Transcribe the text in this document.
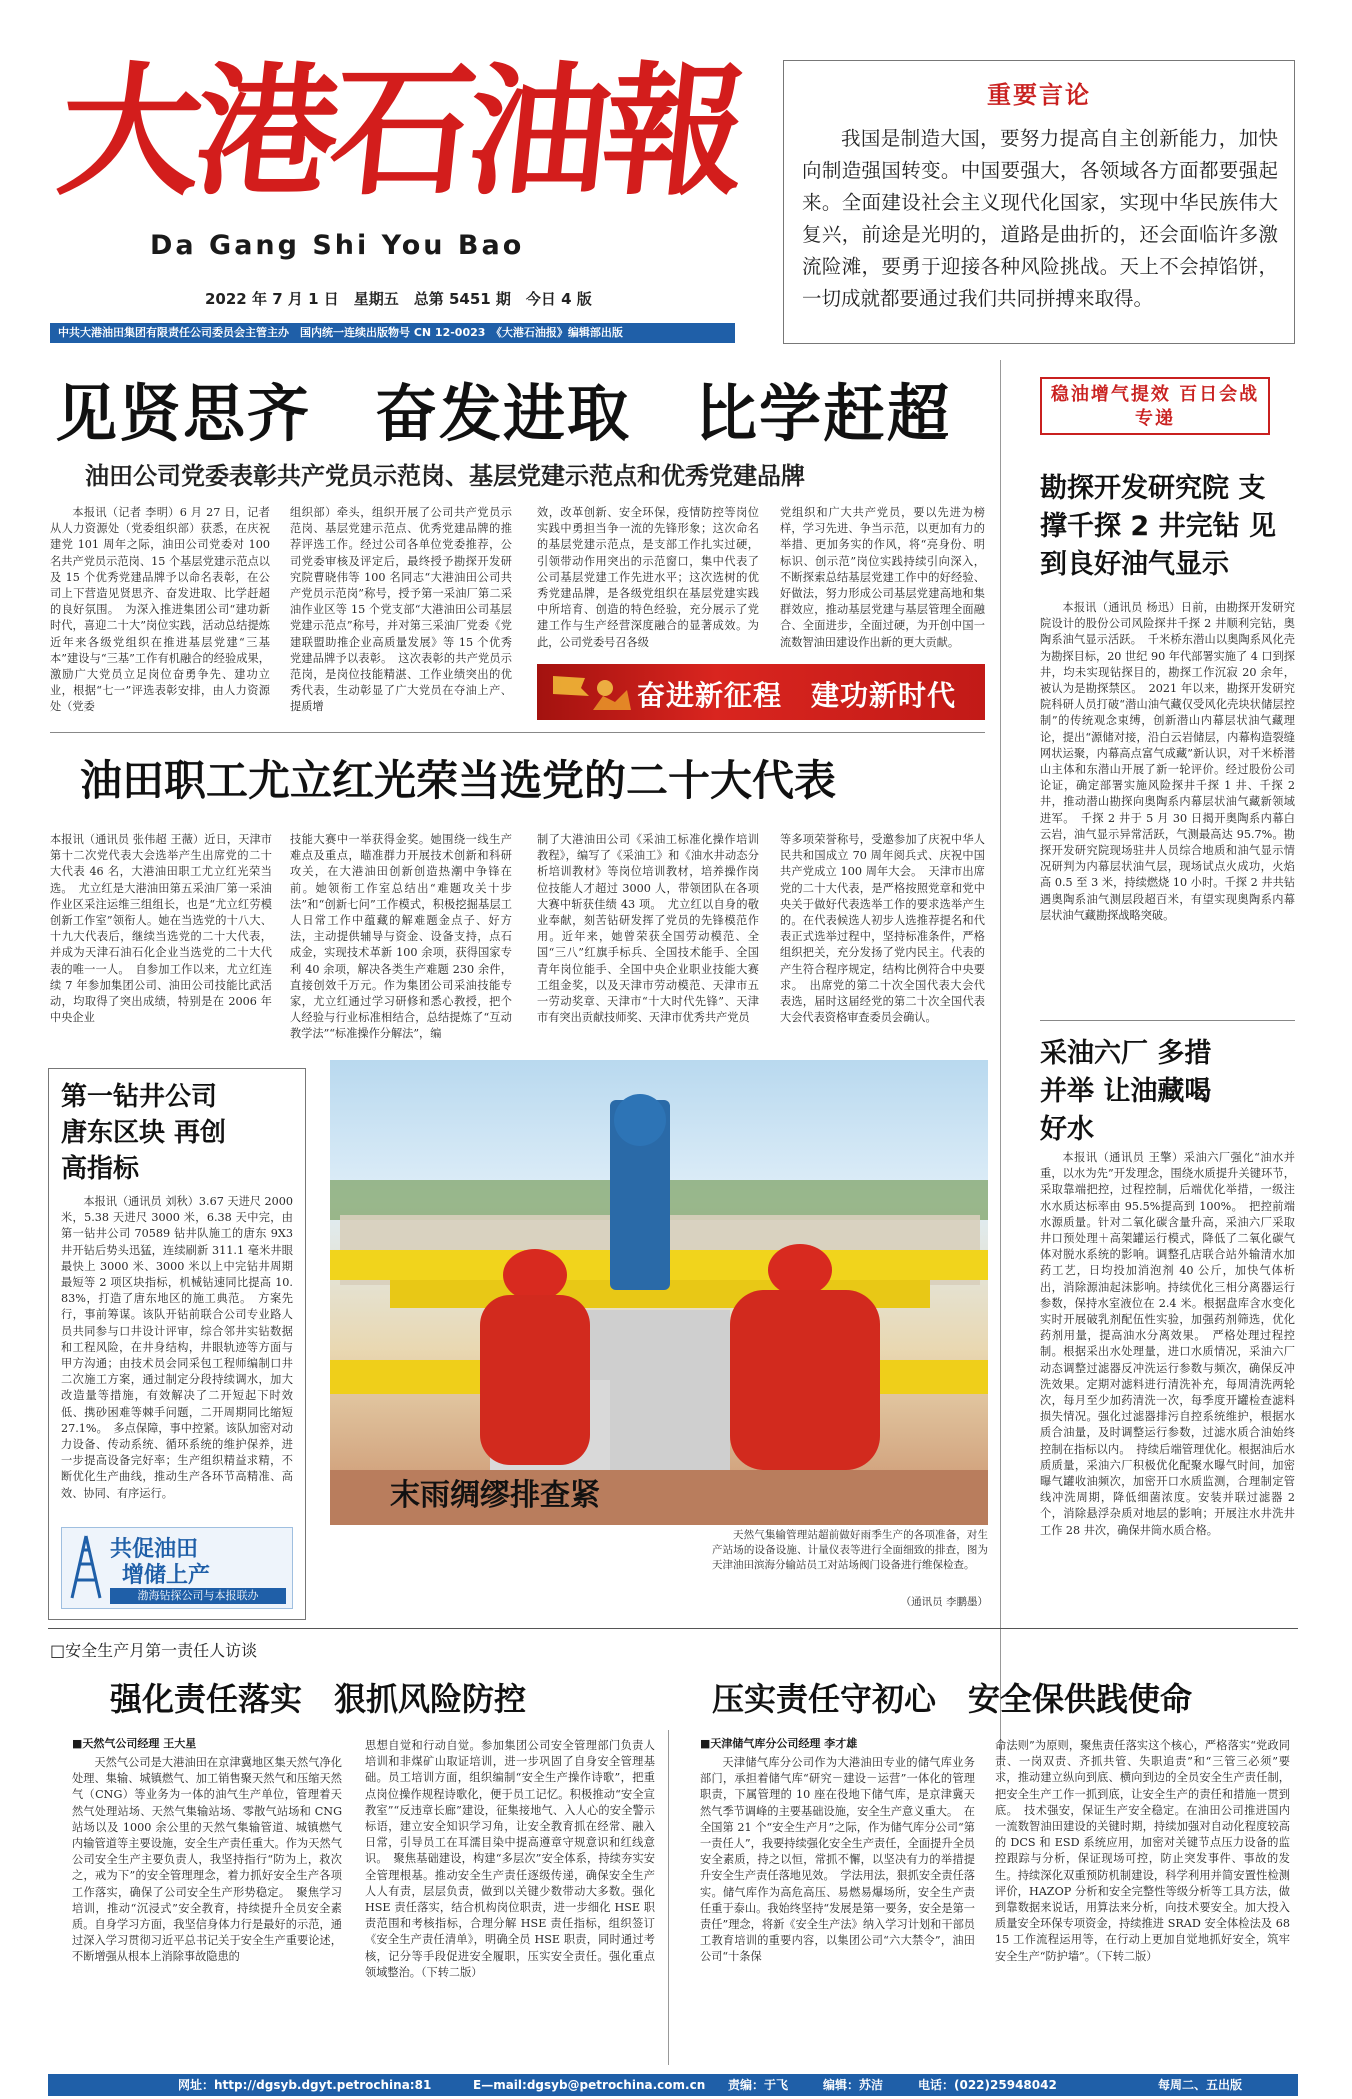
大港石油報
Da Gang Shi You Bao
2022 年 7 月 1 日　星期五　总第 5451 期　今日 4 版
中共大港油田集团有限责任公司委员会主管主办　国内统一连续出版物号 CN 12-0023　《大港石油报》编辑部出版
重要言论
我国是制造大国，要努力提高自主创新能力，加快向制造强国转变。中国要强大，各领域各方面都要强起来。全面建设社会主义现代化国家，实现中华民族伟大复兴，前途是光明的，道路是曲折的，还会面临许多激流险滩，要勇于迎接各种风险挑战。天上不会掉馅饼，一切成就都要通过我们共同拼搏来取得。
见贤思齐　奋发进取　比学赶超
油田公司党委表彰共产党员示范岗、基层党建示范点和优秀党建品牌
本报讯（记者 李明）6 月 27 日，记者从人力资源处（党委组织部）获悉，在庆祝建党 101 周年之际，油田公司党委对 100 名共产党员示范岗、15 个基层党建示范点以及 15 个优秀党建品牌予以命名表彰，在公司上下营造见贤思齐、奋发进取、比学赶超的良好氛围。　为深入推进集团公司“建功新时代，喜迎二十大”岗位实践，活动总结提炼近年来各级党组织在推进基层党建“三基本”建设与“三基”工作有机融合的经验成果，激励广大党员立足岗位奋勇争先、建功立业，根据“七一”评选表彰安排，由人力资源处（党委
组织部）牵头，组织开展了公司共产党员示范岗、基层党建示范点、优秀党建品牌的推荐评选工作。经过公司各单位党委推荐，公司党委审核及评定后，最终授予勘探开发研究院曹晓伟等 100 名同志“大港油田公司共产党员示范岗”称号，授予第一采油厂第二采油作业区等 15 个党支部“大港油田公司基层党建示范点”称号，并对第三采油厂党委《党建联盟助推企业高质量发展》等 15 个优秀党建品牌予以表彰。　这次表彰的共产党员示范岗，是岗位技能精湛、工作业绩突出的优秀代表，生动彰显了广大党员在夺油上产、提质增
效，改革创新、安全环保，疫情防控等岗位实践中勇担当争一流的先锋形象；这次命名的基层党建示范点，是支部工作扎实过硬，引领带动作用突出的示范窗口，集中代表了公司基层党建工作先进水平；这次选树的优秀党建品牌，是各级党组织在基层党建实践中所培育、创造的特色经验，充分展示了党建工作与生产经营深度融合的显著成效。为此，公司党委号召各级
党组织和广大共产党员，要以先进为榜样，学习先进、争当示范，以更加有力的举措、更加务实的作风，将“亮身份、明标识、创示范”岗位实践持续引向深入，不断探索总结基层党建工作中的好经验、好做法，努力形成公司基层党建高地和集群效应，推动基层党建与基层管理全面融合、全面进步，全面过硬，为开创中国一流数智油田建设作出新的更大贡献。
奋进新征程　建功新时代
油田职工尤立红光荣当选党的二十大代表
本报讯（通讯员 张伟超 王薇）近日，天津市第十二次党代表大会选举产生出席党的二十大代表 46 名，大港油田职工尤立红光荣当选。　尤立红是大港油田第五采油厂第一采油作业区采注运维三组组长，也是“尤立红劳模创新工作室”领衔人。她在当选党的十八大、十九大代表后，继续当选党的二十大代表，并成为天津石油石化企业当选党的二十大代表的唯一一人。　自参加工作以来，尤立红连续 7 年参加集团公司、油田公司技能比武活动，均取得了突出成绩，特别是在 2006 年中央企业
技能大赛中一举获得金奖。她围绕一线生产难点及重点，瞄准群力开展技术创新和科研攻关，在大港油田创新创造热潮中争锋在前。她领衔工作室总结出“难题攻关十步法”和“创新七问”工作模式，积极挖掘基层工人日常工作中蕴藏的解难题金点子、好方法，主动提供辅导与资金、设备支持，点石成金，实现技术革新 100 余项，获得国家专利 40 余项，解决各类生产难题 230 余件，直接创效千万元。作为集团公司采油技能专家，尤立红通过学习研修和悉心教授，把个人经验与行业标准相结合，总结提炼了“互动教学法”“标准操作分解法”，编
制了大港油田公司《采油工标准化操作培训教程》，编写了《采油工》和《油水井动态分析培训教材》等岗位培训教材，培养操作岗位技能人才超过 3000 人，带领团队在各项大赛中斩获佳绩 43 项。　尤立红以自身的敬业奉献，刻苦钻研发挥了党员的先锋模范作用。近年来，她曾荣获全国劳动模范、全国“三八”红旗手标兵、全国技术能手、全国青年岗位能手、全国中央企业职业技能大赛工组金奖，以及天津市劳动模范、天津市五一劳动奖章、天津市“十大时代先锋”、天津市有突出贡献技师奖、天津市优秀共产党员
等多项荣誉称号，受邀参加了庆祝中华人民共和国成立 70 周年阅兵式、庆祝中国共产党成立 100 周年大会。　天津市出席党的二十大代表，是严格按照党章和党中央关于做好代表选举工作的要求选举产生的。在代表候选人初步人选推荐提名和代表正式选举过程中，坚持标准条件，严格组织把关，充分发扬了党内民主。代表的产生符合程序规定，结构比例符合中央要求。　出席党的第二十次全国代表大会代表选，届时这届经党的第二十次全国代表大会代表资格审查委员会确认。
稳油增气提效 百日会战专递
勘探开发研究院 支撑千探 2 井完钻 见到良好油气显示
本报讯（通讯员 杨迅）日前，由勘探开发研究院设计的股份公司风险探井千探 2 井顺利完钻，奥陶系油气显示活跃。　千米桥东潜山以奥陶系风化壳为勘探目标，20 世纪 90 年代部署实施了 4 口到探井，均未实现钻探目的，勘探工作沉寂 20 余年，被认为是勘探禁区。　2021 年以来，勘探开发研究院科研人员打破“潜山油气藏仅受风化壳块状储层控制”的传统观念束缚，创新潜山内幕层状油气藏理论，提出“源储对接，沿白云岩储层，内幕构造裂缝网状运聚，内幕高点富气成藏”新认识，对千米桥潜山主体和东潜山开展了新一轮评价。经过股份公司论证，确定部署实施风险探井千探 1 井、千探 2 井，推动潜山勘探向奥陶系内幕层状油气藏新领域进军。　千探 2 井于 5 月 30 日揭开奥陶系内幕白云岩，油气显示异常活跃，气测最高达 95.7%。勘探开发研究院现场驻井人员综合地质和油气显示情况研判为内幕层状油气层，现场试点火成功，火焰高 0.5 至 3 米，持续燃烧 10 小时。千探 2 井共钻遇奥陶系油气测层段超百米，有望实现奥陶系内幕层状油气藏勘探战略突破。
采油六厂 多措并举 让油藏喝好水
本报讯（通讯员 王擎）采油六厂强化“油水并重，以水为先”开发理念，围绕水质提升关键环节，采取靠端把控，过程控制，后端优化举措，一级注水水质达标率由 95.5%提高到 100%。　把控前端水源质量。针对二氧化碳含量升高，采油六厂采取井口预处理＋高架罐运行模式，降低了二氧化碳气体对脱水系统的影响。调整孔店联合站外输清水加药工艺，日均投加消泡剂 40 公斤，加快气体析出，消除源油起沫影响。持续优化三相分离器运行参数，保持水室液位在 2.4 米。根据盘库含水变化实时开展破乳剂配伍性实验，加强药剂筛选，优化药剂用量，提高油水分离效果。　严格处理过程控制。根据采出水处理量，进口水质情况，采油六厂动态调整过滤器反冲洗运行参数与频次，确保反冲洗效果。定期对滤料进行清洗补充，每周清洗两轮次，每月至少加药清洗一次，每季度开罐检查滤料损失情况。强化过滤器排污自控系统维护，根据水质合油量，及时调整运行参数，过滤水质合油始终控制在指标以内。　持续后端管理优化。根据油后水质质量，采油六厂积极优化配聚水曝气时间，加密曝气罐收油频次，加密开口水质监测，合理制定管线冲洗周期，降低细菌浓度。安装并联过滤器 2 个，消除悬浮杂质对地层的影响；开展注水井洗井工作 28 井次，确保井筒水质合格。
第一钻井公司 唐东区块 再创高指标
本报讯（通讯员 刘秋）3.67 天进尺 2000 米，5.38 天进尺 3000 米，6.38 天中完，由第一钻井公司 70589 钻井队施工的唐东 9X3 井开钻后势头迅猛，连续刷新 311.1 毫米井眼最快上 3000 米、3000 米以上中完钻井周期最短等 2 项区块指标，机械钻速同比提高 10.83%，打造了唐东地区的施工典范。　方案先行，事前筹谋。该队开钻前联合公司专业路人员共同参与口井设计评审，综合邻井实钻数据和工程风险，在井身结构，井眼轨迹等方面与甲方沟通；由技术员会同采包工程师编制口井二次施工方案，通过制定分段持续调水，加大改造量等措施，有效解决了二开短起下时效低、携砂困难等棘手问题，二开周期同比缩短 27.1%。　多点保障，事中控紧。该队加密对动力设备、传动系统、循环系统的维护保养，进一步提高设备完好率；生产组织精益求精，不断优化生产曲线，推动生产各环节高精准、高效、协同、有序运行。
共促油田
增储上产
渤海钻探公司与本报联办
末雨绸缪排查紧
天然气集输管理站超前做好雨季生产的各项准备，对生产站场的设备设施、计量仪表等进行全面细致的排查，图为天津油田滨海分输站员工对站场阀门设备进行维保检查。
（通讯员 李鹏墨）
□安全生产月第一责任人访谈
强化责任落实　狠抓风险防控	压实责任守初心　安全保供践使命
■天然气公司经理 王大星
天然气公司是大港油田在京津冀地区集天然气净化处理、集输、城镇燃气、加工销售聚天然气和压缩天然气（CNG）等业务为一体的油气生产单位，管理着天然气处理站场、天然气集输站场、零散气站场和 CNG 站场以及 1000 余公里的天然气集输管道、城镇燃气内输管道等主要设施，安全生产责任重大。作为天然气公司安全生产主要负责人，我坚持指行“防为上，救次之，戒为下”的安全管理理念，着力抓好安全生产各项工作落实，确保了公司安全生产形势稳定。　聚焦学习培训，推动“沉浸式”安全教育，持续提升全员安全素质。自身学习方面，我坚信身体力行是最好的示范，通过深入学习贯彻习近平总书记关于安全生产重要论述，不断增强从根本上消除事故隐患的
思想自觉和行动自觉。参加集团公司安全管理部门负责人培训和非煤矿山取证培训，进一步巩固了自身安全管理基础。员工培训方面，组织编制“安全生产操作诗歌”，把重点岗位操作规程诗歌化，便于员工记忆。积极推动“安全宣教室”“反违章长廊”建设，征集接地气、入人心的安全警示标语，建立安全知识学习角，让安全教育抓在经常、融入日常，引导员工在耳濡目染中提高遵章守规意识和红线意识。　聚焦基础建设，构建“多层次”安全体系，持续夯实安全管理根基。推动安全生产责任逐级传递，确保安全生产人人有责，层层负责，做到以关键少数带动大多数。强化 HSE 责任落实，结合机构岗位职责，进一步细化 HSE 职责范围和考核指标，合理分解 HSE 责任指标，组织签订《安全生产责任清单》，明确全员 HSE 职责，同时通过考核，记分等手段促进安全履职，压实安全责任。强化重点领域整治。（下转二版）
■天津储气库分公司经理 李才雄
天津储气库分公司作为大港油田专业的储气库业务部门，承担着储气库“研究－建设－运营”一体化的管理职责，下属管理的 10 座在役地下储气库，是京津冀天然气季节调峰的主要基础设施，安全生产意义重大。　在全国第 21 个“安全生产月”之际，作为储气库分公司“第一责任人”，我要持续强化安全生产责任，全面提升全员安全素质，持之以恒，常抓不懈，以坚决有力的举措提升安全生产责任落地见效。　学法用法，狠抓安全责任落实。储气库作为高危高压、易燃易爆场所，安全生产责任重于泰山。我始终坚持“发展是第一要务，安全是第一责任”理念，将新《安全生产法》纳入学习计划和干部员工教育培训的重要内容，以集团公司“六大禁令”，油田公司“十条保
命法则”为原则，聚焦责任落实这个核心，严格落实“党政同责、一岗双责、齐抓共管、失职追责”和“三管三必须”要求，推动建立纵向到底、横向到边的全员安全生产责任制，把安全生产工作一抓到底，让安全生产的责任和措施一贯到底。　技术强安，保证生产安全稳定。在油田公司推进国内一流数智油田建设的关键时期，持续加强对自动化程度较高的 DCS 和 ESD 系统应用，加密对关键节点压力设备的监控跟踪与分析，保证现场可控，防止突发事件、事故的发生。持续深化双重预防机制建设，科学利用并简安置性检测评价，HAZOP 分析和安全完整性等级分析等工具方法，做到靠数据来说话，用算法来分析，向技术要安全。加大投入质量安全环保专项资金，持续推进 SRAD 安全体检法及 6815 工作流程运用等，在行动上更加自觉地抓好安全，筑牢安全生产“防护墙”。（下转二版）
网址：http://dgsyb.dgyt.petrochina:81	E—mail:dgsyb@petrochina.com.cn 责编：于飞	编辑：苏洁	电话：(022)25948042	每周二、五出版
